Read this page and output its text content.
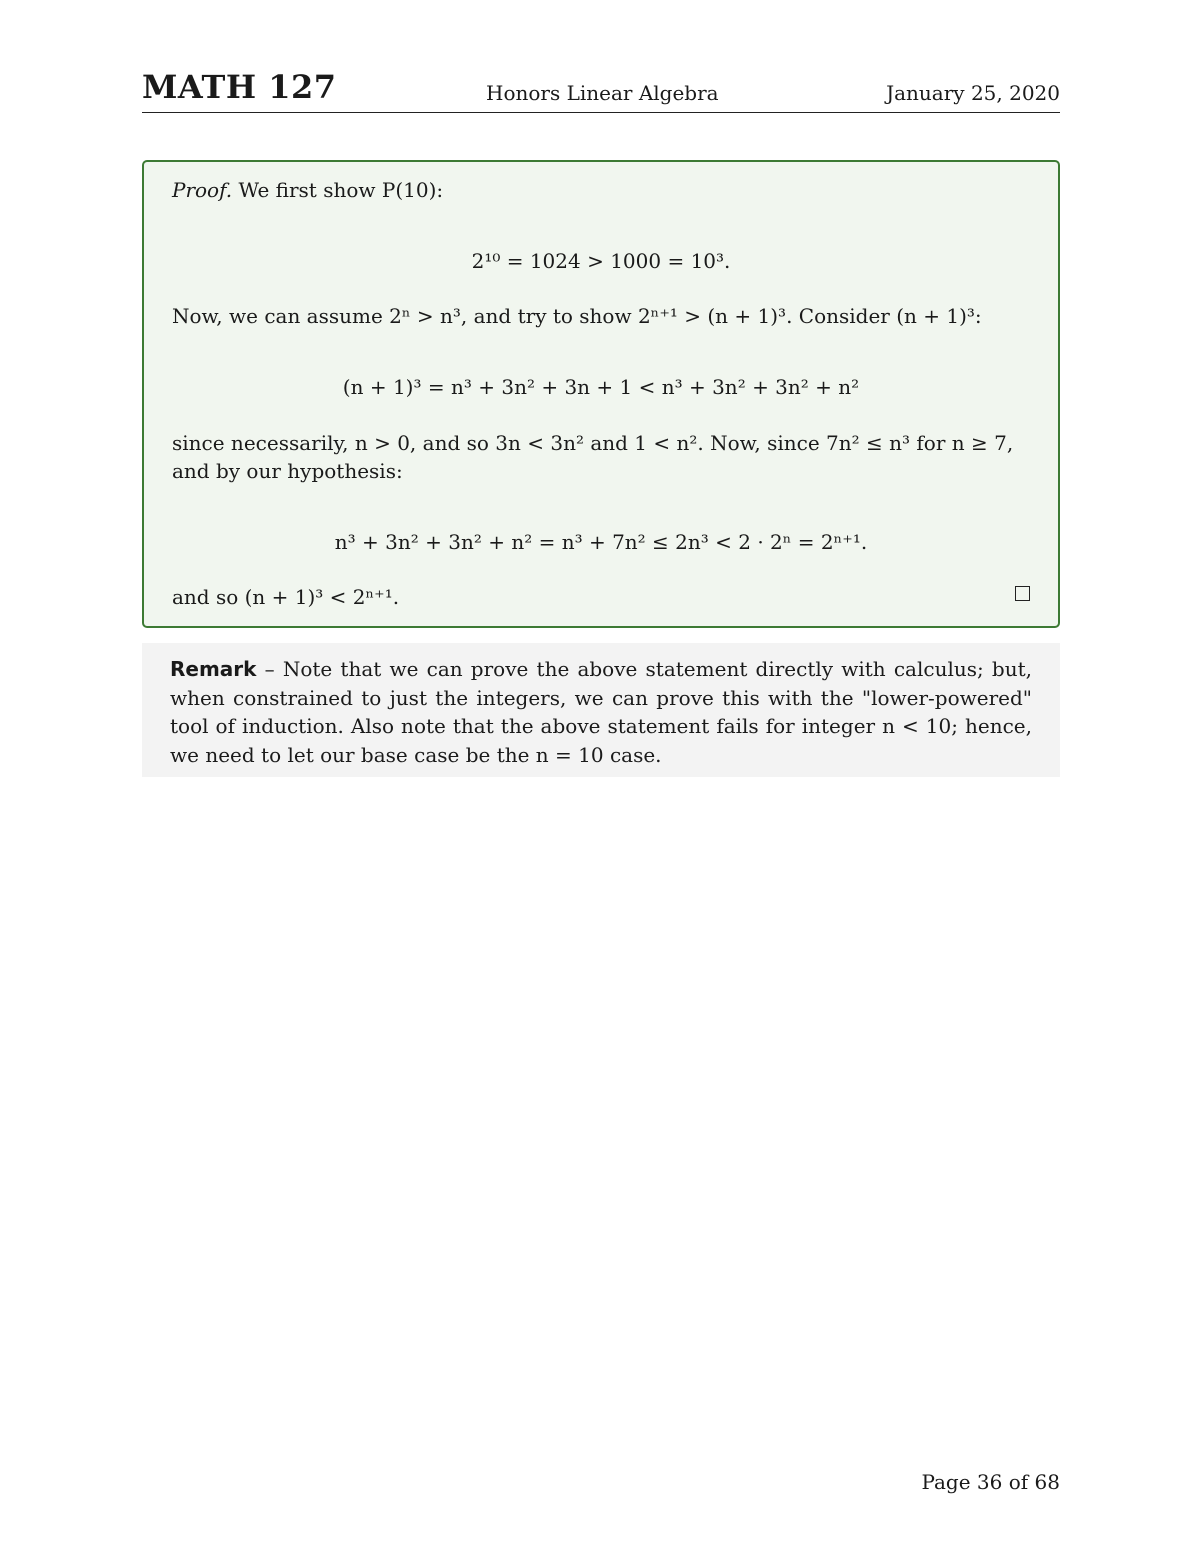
MATH 127	Honors Linear Algebra	January 25, 2020
Proof. We first show P(10):
2¹⁰ = 1024 > 1000 = 10³.
Now, we can assume 2ⁿ > n³, and try to show 2ⁿ⁺¹ > (n + 1)³. Consider (n + 1)³:
(n + 1)³ = n³ + 3n² + 3n + 1 < n³ + 3n² + 3n² + n²
since necessarily, n > 0, and so 3n < 3n² and 1 < n². Now, since 7n² ≤ n³ for n ≥ 7,
and by our hypothesis:
n³ + 3n² + 3n² + n² = n³ + 7n² ≤ 2n³ < 2 · 2ⁿ = 2ⁿ⁺¹.
and so (n + 1)³ < 2ⁿ⁺¹.
Remark – Note that we can prove the above statement directly with calculus; but, when constrained to just the integers, we can prove this with the "lower-powered" tool of induction. Also note that the above statement fails for integer n < 10; hence, we need to let our base case be the n = 10 case.
Page 36 of 68
